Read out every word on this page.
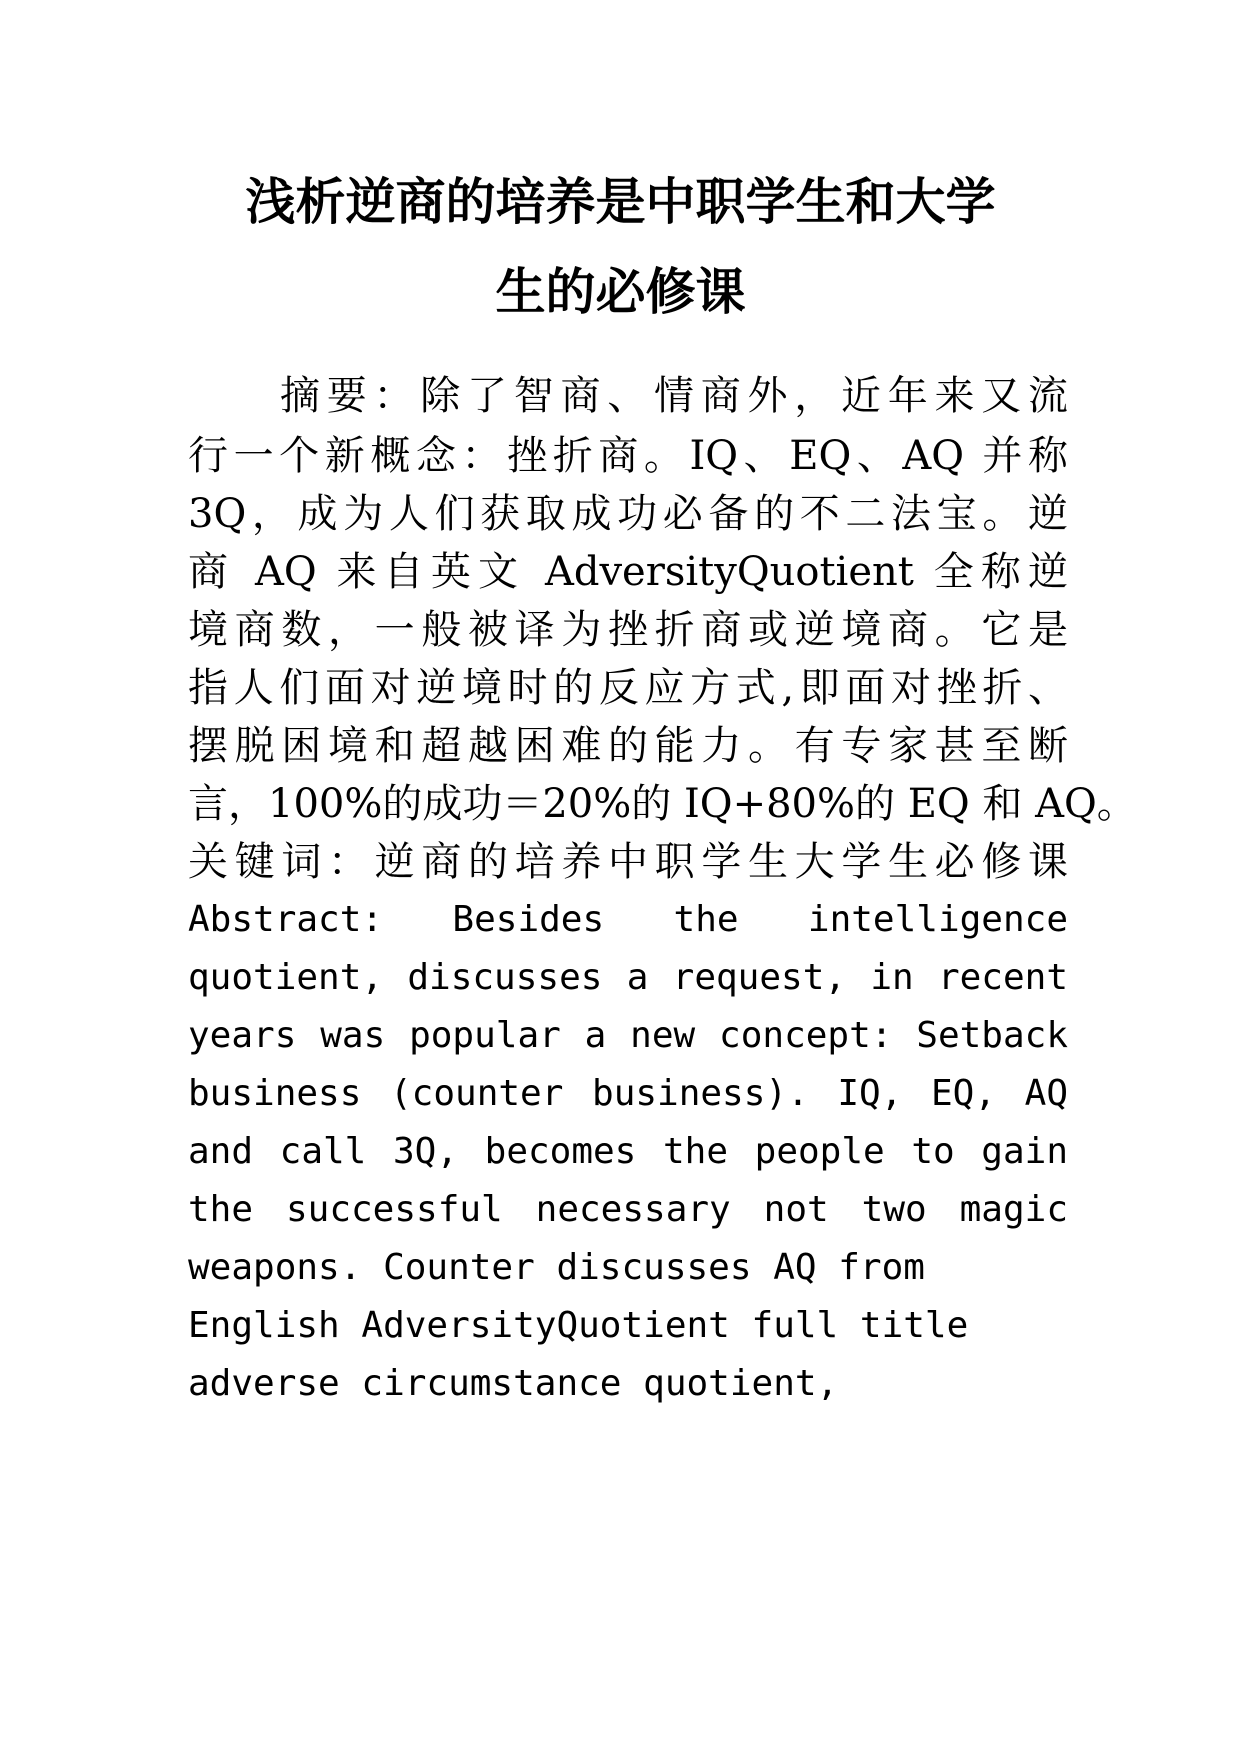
浅析逆商的培养是中职学生和大学
生的必修课

摘要：除了智商、情商外，近年来又流

行一个新概念：挫折商。IQ、EQ、AQ 并称

3Q，成为人们获取成功必备的不二法宝。逆

商 AQ 来自英文 AdversityQuotient 全称逆

境商数，一般被译为挫折商或逆境商。它是

指人们面对逆境时的反应方式,即面对挫折、

摆脱困境和超越困难的能力。有专家甚至断

言，100%的成功＝20%的 IQ+80%的 EQ 和 AQ。

关键词：逆商的培养中职学生大学生必修课

Abstract: Besides the intelligence

quotient, discusses a request, in recent

years was popular a new concept: Setback

business (counter business). IQ, EQ, AQ

and call 3Q, becomes the people to gain

the successful necessary not two magic

weapons. Counter discusses AQ from

English AdversityQuotient full title

adverse circumstance quotient,
